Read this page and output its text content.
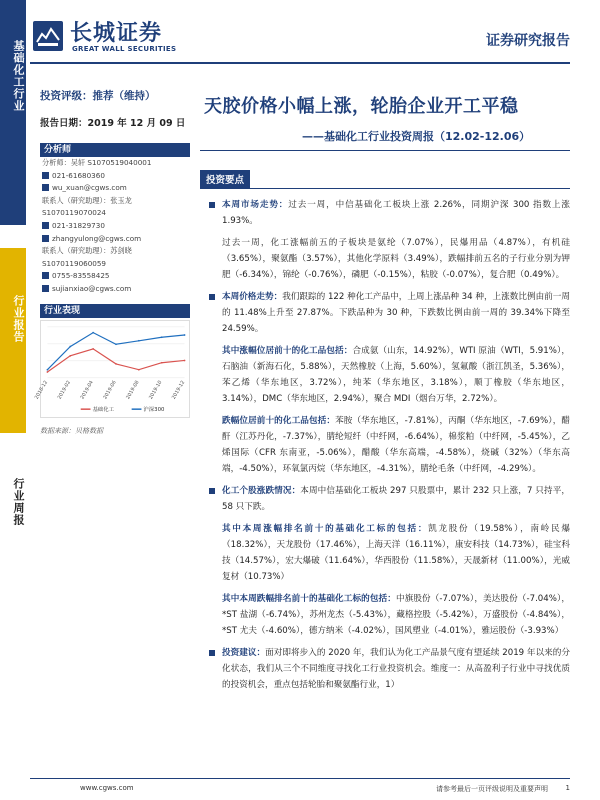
基础化工行业
行业报告
行业周报
长城证券
GREAT WALL SECURITIES	证券研究报告
投资评级：推荐（维持）
报告日期：2019 年 12 月 09 日
分析师
分析师：吴轩 S1070519040001
021-61680360
wu_xuan@cgws.com
联系人（研究助理）：张玉龙
S1070119070024
021-31829730
zhangyulong@cgws.com
联系人（研究助理）：苏剑晓
S1070119060059
0755-83558425
sujianxiao@cgws.com
行业表现
2018-12 2019-02 2019-04 2019-06 2019-08 2019-10 2019-12
基础化工	沪深300
数据来源：贝格数据
天胶价格小幅上涨，轮胎企业开工平稳
——基础化工行业投资周报（12.02-12.06）
投资要点

本周市场走势：过去一周，中信基础化工板块上涨 2.26%，同期沪深 300 指数上涨 1.93%。

过去一周，化工涨幅前五的子板块是氨纶（7.07%），民爆用品（4.87%），有机硅（3.65%），聚氨酯（3.57%），其他化学原料（3.49%），跌幅排前五名的子行业分别为钾肥（-6.34%），锦纶（-0.76%），磷肥（-0.15%），粘胶（-0.07%），复合肥（0.49%）。

本周价格走势：我们跟踪的 122 种化工产品中，上周上涨品种 34 种，上涨数比例由前一周的 11.48%上升至 27.87%。下跌品种为 30 种，下跌数比例由前一周的 39.34%下降至 24.59%。

其中涨幅位居前十的化工品包括：合成氨（山东，14.92%），WTI 原油（WTI，5.91%），石脑油（新海石化，5.88%），天然橡胶（上海，5.60%），氢氟酸（浙江凯圣，5.36%），苯乙烯（华东地区，3.72%），纯苯（华东地区，3.18%），顺丁橡胶（华东地区，3.14%），DMC（华东地区，2.94%），聚合 MDI（烟台万华，2.72%）。

跌幅位居前十的化工品包括：苯胺（华东地区，-7.81%），丙酮（华东地区，-7.69%），醋酐（江苏丹化，-7.37%），腈纶短纤（中纤网，-6.64%），棉浆粕（中纤网，-5.45%），乙烯国际（CFR 东南亚，-5.06%），醋酸（华东高端，-4.58%），烧碱（32%）（华东高端，-4.50%），环氧氯丙烷（华东地区，-4.31%），腈纶毛条（中纤网，-4.29%）。

化工个股涨跌情况：本周中信基础化工板块 297 只股票中，累计 232 只上涨，7 只持平，58 只下跌。

其中本周涨幅排名前十的基础化工标的包括：凯龙股份（19.58%），南岭民爆（18.32%），天龙股份（17.46%），上海天洋（16.11%），康安科技（14.73%），硅宝科技（14.57%），宏大爆破（11.64%），华西股份（11.58%），天晟新材（11.00%），光威复材（10.73%）

其中本周跌幅排名前十的基础化工标的包括：中旗股份（-7.07%），美达股份（-7.04%），*ST 盐湖（-6.74%），苏州龙杰（-5.43%），藏格控股（-5.42%），万盛股份（-4.84%），*ST 尤夫（-4.60%），德方纳米（-4.02%），国风塑业（-4.01%），雅运股份（-3.93%）

投资建议：面对即将步入的 2020 年，我们认为化工产品景气度有望延续 2019 年以来的分化状态，我们从三个不同维度寻找化工行业投资机会。维度一：从高盈利子行业中寻找优质的投资机会，重点包括轮胎和聚氨酯行业，1）

www.cgws.com	请参考最后一页评级说明及重要声明	1
